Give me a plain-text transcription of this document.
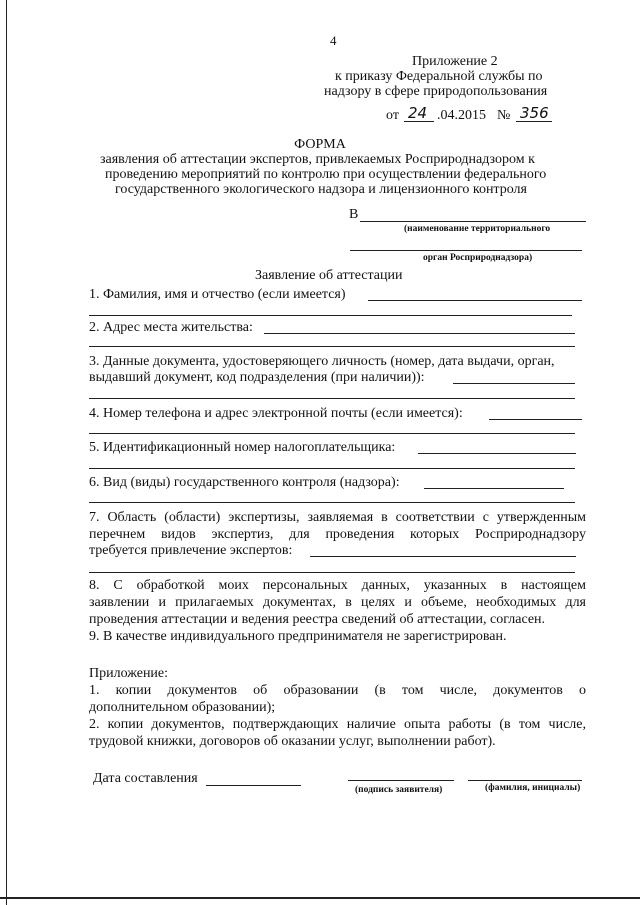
4
Приложение 2
к приказу Федеральной службы по
надзору в сфере природопользования
от 24 .04.2015 № 356
ФОРМА
заявления об аттестации экспертов, привлекаемых Росприроднадзором к
проведению мероприятий по контролю при осуществлении федерального
государственного экологического надзора и лицензионного контроля
В
(наименование территориального
орган Росприроднадзора)
Заявление об аттестации
1. Фамилия, имя и отчество (если имеется)
2. Адрес места жительства:
3. Данные документа, удостоверяющего личность (номер, дата выдачи, орган,
выдавший документ, код подразделения (при наличии)):
4. Номер телефона и адрес электронной почты (если имеется):
5. Идентификационный номер налогоплательщика:
6. Вид (виды) государственного контроля (надзора):
7. Область (области) экспертизы, заявляемая в соответствии с утвержденным
перечнем видов экспертиз, для проведения которых Росприроднадзору
требуется привлечение экспертов:
8. С обработкой моих персональных данных, указанных в настоящем
заявлении и прилагаемых документах, в целях и объеме, необходимых для
проведения аттестации и ведения реестра сведений об аттестации, согласен.
9. В качестве индивидуального предпринимателя не зарегистрирован.
Приложение:
1. копии документов об образовании (в том числе, документов о
дополнительном образовании);
2. копии документов, подтверждающих наличие опыта работы (в том числе,
трудовой книжки, договоров об оказании услуг, выполнении работ).
Дата составления
(подпись заявителя)	(фамилия, инициалы)
